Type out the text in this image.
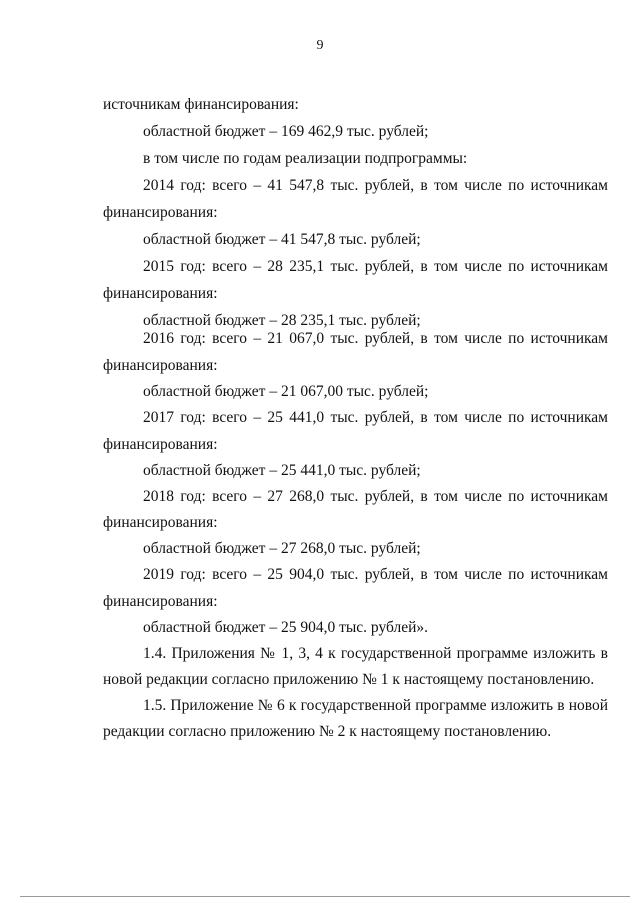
9

источникам финансирования:

областной бюджет – 169 462,9 тыс. рублей;

в том числе по годам реализации подпрограммы:

2014 год: всего – 41 547,8 тыс. рублей, в том числе по источникам

финансирования:

областной бюджет – 41 547,8 тыс. рублей;

2015 год: всего – 28 235,1 тыс. рублей, в том числе по источникам

финансирования:

областной бюджет – 28 235,1 тыс. рублей;

2016 год: всего – 21 067,0 тыс. рублей, в том числе по источникам

финансирования:

областной бюджет – 21 067,00 тыс. рублей;

2017 год: всего – 25 441,0 тыс. рублей, в том числе по источникам

финансирования:

областной бюджет – 25 441,0 тыс. рублей;

2018 год: всего – 27 268,0 тыс. рублей, в том числе по источникам

финансирования:

областной бюджет – 27 268,0 тыс. рублей;

2019 год: всего – 25 904,0 тыс. рублей, в том числе по источникам

финансирования:

областной бюджет – 25 904,0 тыс. рублей».

1.4. Приложения № 1, 3, 4 к государственной программе изложить в

новой редакции согласно приложению № 1 к настоящему постановлению.

1.5. Приложение № 6 к государственной программе изложить в новой

редакции согласно приложению № 2 к настоящему постановлению.
